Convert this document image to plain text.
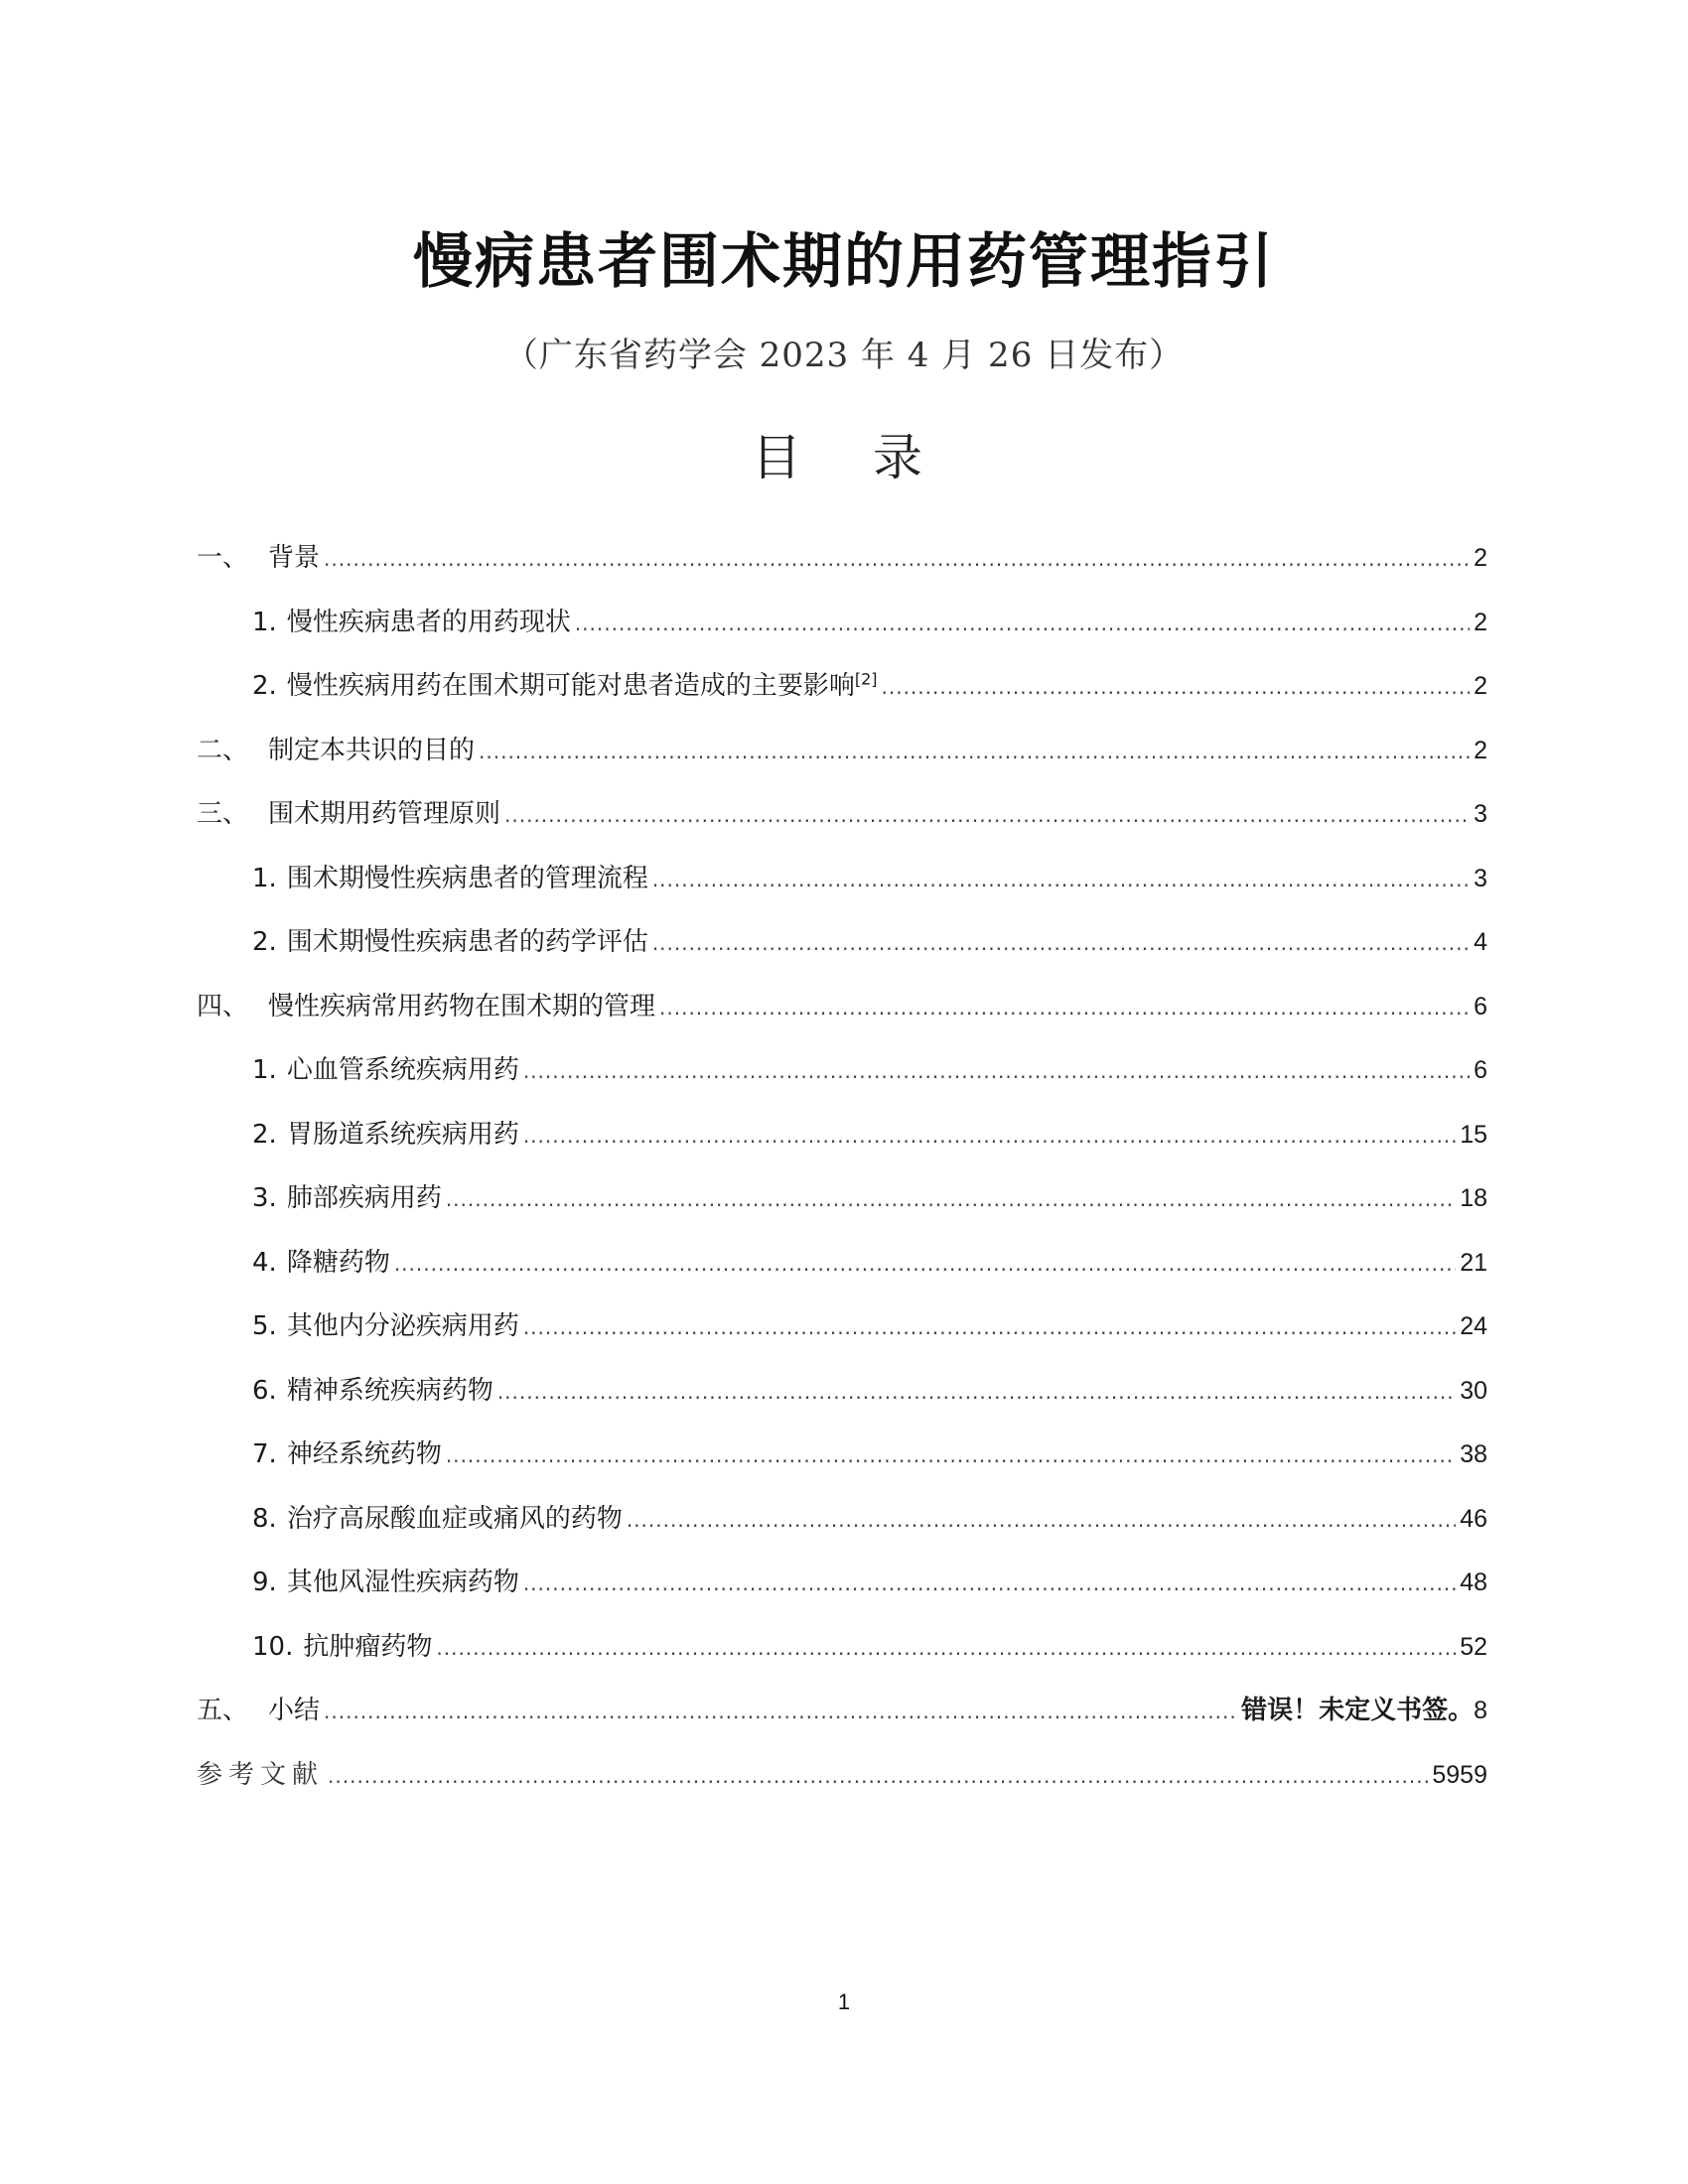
慢病患者围术期的用药管理指引
（广东省药学会 2023 年 4 月 26 日发布）
目 录
一、 背景 .....	2
1. 慢性疾病患者的用药现状 .....	2
2. 慢性疾病用药在围术期可能对患者造成的主要影响[2] .....	2
二、 制定本共识的目的 .....	2
三、 围术期用药管理原则 .....	3
1. 围术期慢性疾病患者的管理流程 .....	3
2. 围术期慢性疾病患者的药学评估 .....	4
四、 慢性疾病常用药物在围术期的管理 .....	6
1. 心血管系统疾病用药 .....	6
2. 胃肠道系统疾病用药 .....	15
3. 肺部疾病用药 .....	18
4. 降糖药物 .....	21
5. 其他内分泌疾病用药 .....	24
6. 精神系统疾病药物 .....	30
7. 神经系统药物 .....	38
8. 治疗高尿酸血症或痛风的药物 .....	46
9. 其他风湿性疾病药物 .....	48
10. 抗肿瘤药物 .....	52
五、 小结 .....	错误！未定义书签。 8
参考文献 .....	5959
1
